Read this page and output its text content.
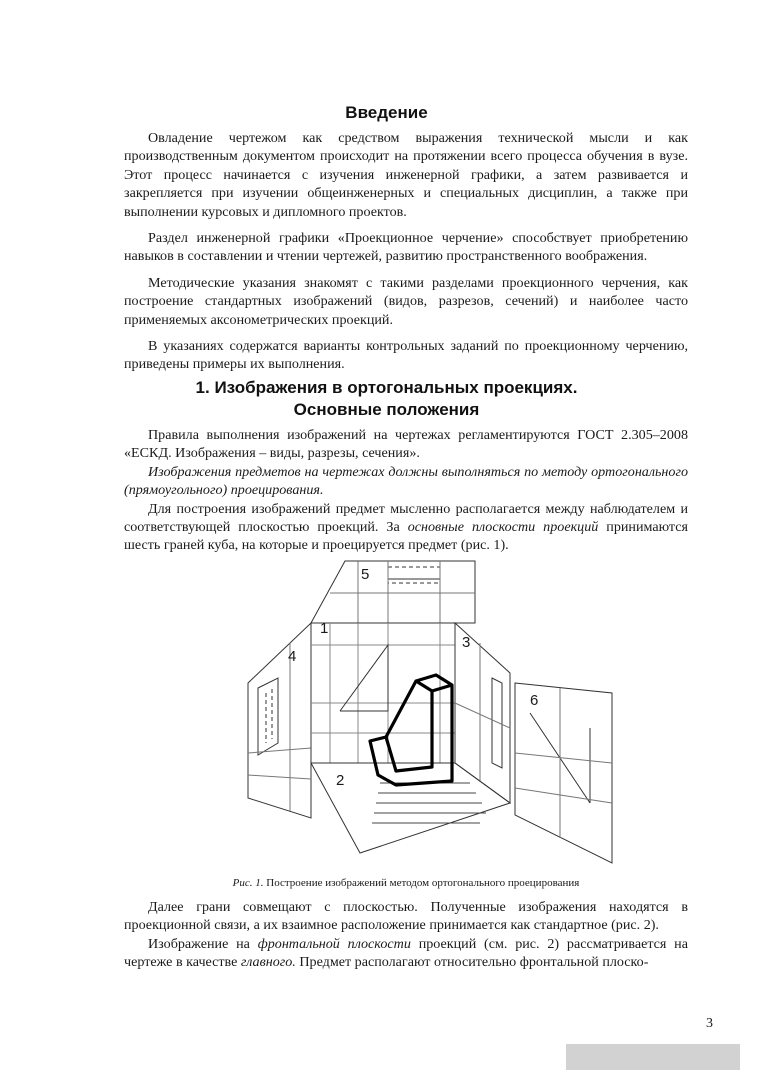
Введение

Овладение чертежом как средством выражения технической мысли и как производственным документом происходит на протяжении всего процесса обучения в вузе. Этот процесс начинается с изучения инженерной графики, а затем развивается и закрепляется при изучении общеинженерных и специальных дисциплин, а также при выполнении курсовых и дипломного проектов.

Раздел инженерной графики «Проекционное черчение» способствует приобретению навыков в составлении и чтении чертежей, развитию пространственного воображения.

Методические указания знакомят с такими разделами проекционного черчения, как построение стандартных изображений (видов, разрезов, сечений) и наиболее часто применяемых аксонометрических проекций.

В указаниях содержатся варианты контрольных заданий по проекционному черчению, приведены примеры их выполнения.

1. Изображения в ортогональных проекциях.
Основные положения

Правила выполнения изображений на чертежах регламентируются ГОСТ 2.305–2008 «ЕСКД. Изображения – виды, разрезы, сечения».

Изображения предметов на чертежах должны выполняться по методу ортогонального (прямоугольного) проецирования.

Для построения изображений предмет мысленно располагается между наблюдателем и соответствующей плоскостью проекций. За основные плоскости проекций принимаются шесть граней куба, на которые и проецируется предмет (рис. 1).

1
2
3
4
5
6
Рис. 1. Построение изображений методом ортогонального проецирования

Далее грани совмещают с плоскостью. Полученные изображения находятся в проекционной связи, а их взаимное расположение принимается как стандартное (рис. 2).

Изображение на фронтальной плоскости проекций (см. рис. 2) рассматривается на чертеже в качестве главного. Предмет располагают относительно фронтальной плоско-

3
